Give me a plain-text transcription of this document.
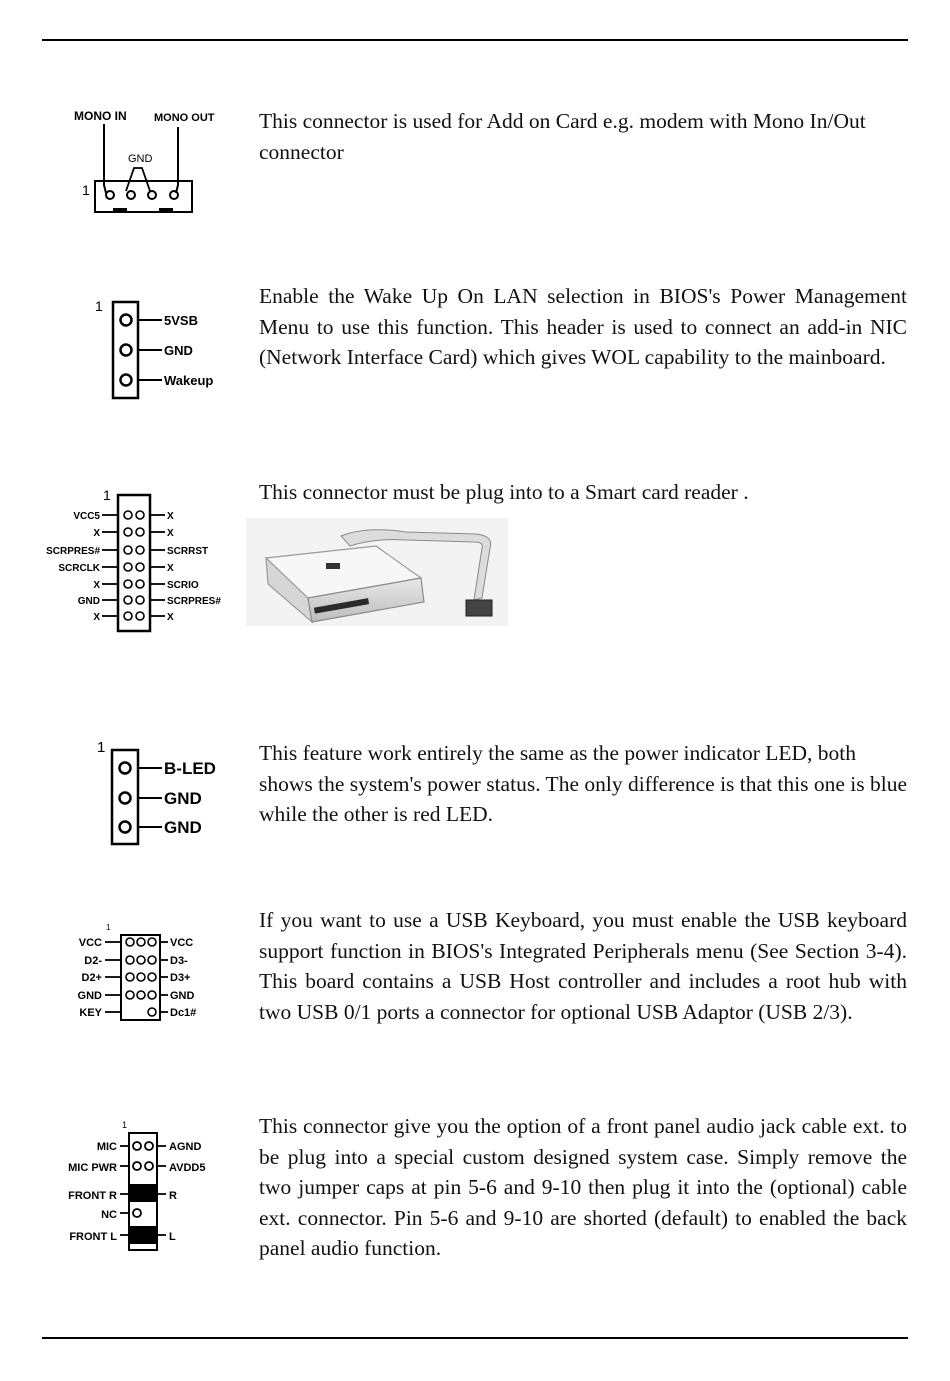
MONO IN MONO OUT
GND
1

This connector is used for Add on Card e.g. modem with Mono In/Out connector

1
5VSB
GND
Wakeup

Enable the Wake Up On LAN selection in BIOS's Power Management Menu to use this function. This header is used to connect an add-in NIC (Network Interface Card) which gives WOL capability to the mainboard.

1
VCC5
X
SCRPRES#
SCRCLK
X
GND
X
X
X
SCRRST
X
SCRIO
SCRPRES#
X

This connector must be plug into to a Smart card reader .

1
B-LED
GND
GND

This feature work entirely the same as the power indicator LED, both shows the system's power status. The only difference is that this one is blue while the other is red LED.

1
VCC
D2-
D2+
GND
KEY
VCC
D3-
D3+
GND
Dc1#

If you want to use a USB Keyboard, you must enable the USB keyboard support function in BIOS's Integrated Peripherals menu (See Section 3-4). This board contains a USB Host controller and includes a root hub with two USB 0/1 ports a connector for optional USB Adaptor (USB 2/3).

1
MIC
MIC PWR
FRONT R
NC
FRONT L
AGND
AVDD5
R
L

This connector give you the option of a front panel audio jack cable ext. to be plug into a special custom designed system case. Simply remove the two jumper caps at pin 5-6 and 9-10 then plug it into the (optional) cable ext. connector. Pin 5-6 and 9-10 are shorted (default) to enabled the back panel audio function.
